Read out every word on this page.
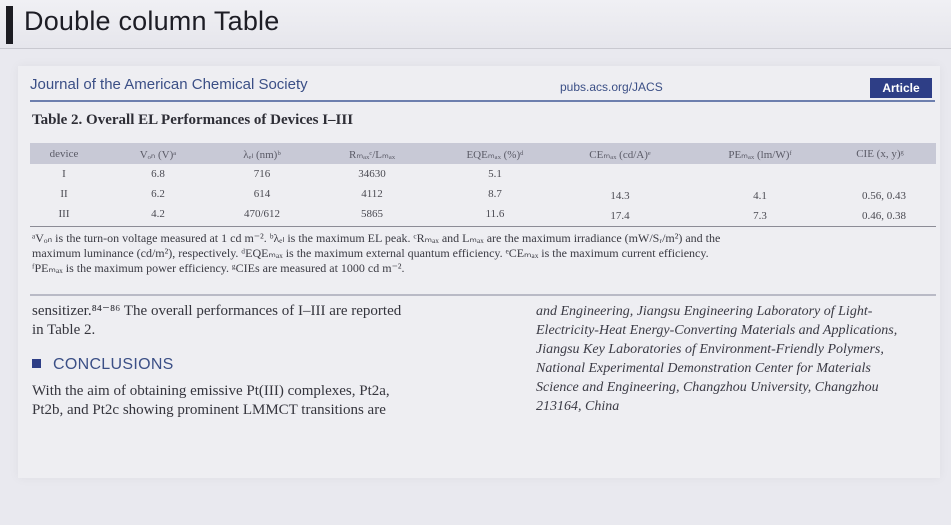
Double column Table
Journal of the American Chemical Society	pubs.acs.org/JACS	Article
Table 2. Overall EL Performances of Devices I–III
device	Vₒₙ (V)ᵃ	λₑₗ (nm)ᵇ	Rₘₐₓᶜ/Lₘₐₓ	EQEₘₐₓ (%)ᵈ	CEₘₐₓ (cd/A)ᵉ	PEₘₐₓ (lm/W)ᶠ	CIE (x, y)ᵍ
I	6.8	716	34630	5.1
II	6.2	614	4112	8.7	14.3	4.1	0.56, 0.43
III	4.2	470/612	5865	11.6	17.4	7.3	0.46, 0.38
ᵃVₒₙ is the turn-on voltage measured at 1 cd m⁻². ᵇλₑₗ is the maximum EL peak. ᶜRₘₐₓ and Lₘₐₓ are the maximum irradiance (mW/Sᵣ/m²) and the
maximum luminance (cd/m²), respectively. ᵈEQEₘₐₓ is the maximum external quantum efficiency. ᵉCEₘₐₓ is the maximum current efficiency.
ᶠPEₘₐₓ is the maximum power efficiency. ᵍCIEs are measured at 1000 cd m⁻².
sensitizer.⁸⁴⁻⁸⁶ The overall performances of I–III are reported
in Table 2.
CONCLUSIONS
With the aim of obtaining emissive Pt(III) complexes, Pt2a,
Pt2b, and Pt2c showing prominent LMMCT transitions are
and Engineering, Jiangsu Engineering Laboratory of Light-
Electricity-Heat Energy-Converting Materials and Applications,
Jiangsu Key Laboratories of Environment-Friendly Polymers,
National Experimental Demonstration Center for Materials
Science and Engineering, Changzhou University, Changzhou
213164, China
